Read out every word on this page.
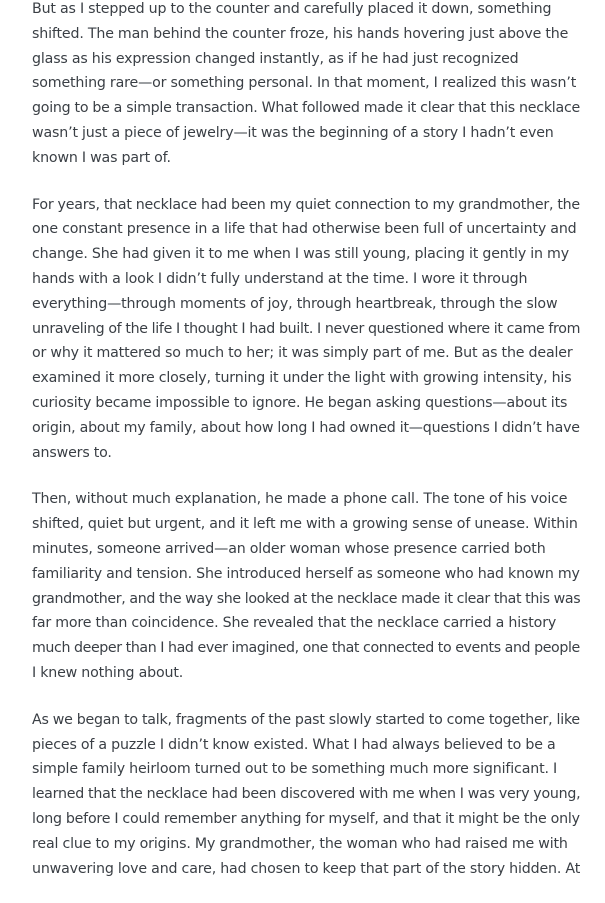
But as I stepped up to the counter and carefully placed it down, something
shifted. The man behind the counter froze, his hands hovering just above the
glass as his expression changed instantly, as if he had just recognized
something rare—or something personal. In that moment, I realized this wasn’t
going to be a simple transaction. What followed made it clear that this necklace
wasn’t just a piece of jewelry—it was the beginning of a story I hadn’t even
known I was part of.

For years, that necklace had been my quiet connection to my grandmother, the
one constant presence in a life that had otherwise been full of uncertainty and
change. She had given it to me when I was still young, placing it gently in my
hands with a look I didn’t fully understand at the time. I wore it through
everything—through moments of joy, through heartbreak, through the slow
unraveling of the life I thought I had built. I never questioned where it came from
or why it mattered so much to her; it was simply part of me. But as the dealer
examined it more closely, turning it under the light with growing intensity, his
curiosity became impossible to ignore. He began asking questions—about its
origin, about my family, about how long I had owned it—questions I didn’t have
answers to.

Then, without much explanation, he made a phone call. The tone of his voice
shifted, quiet but urgent, and it left me with a growing sense of unease. Within
minutes, someone arrived—an older woman whose presence carried both
familiarity and tension. She introduced herself as someone who had known my
grandmother, and the way she looked at the necklace made it clear that this was
far more than coincidence. She revealed that the necklace carried a history
much deeper than I had ever imagined, one that connected to events and people
I knew nothing about.

As we began to talk, fragments of the past slowly started to come together, like
pieces of a puzzle I didn’t know existed. What I had always believed to be a
simple family heirloom turned out to be something much more significant. I
learned that the necklace had been discovered with me when I was very young,
long before I could remember anything for myself, and that it might be the only
real clue to my origins. My grandmother, the woman who had raised me with
unwavering love and care, had chosen to keep that part of the story hidden. At
